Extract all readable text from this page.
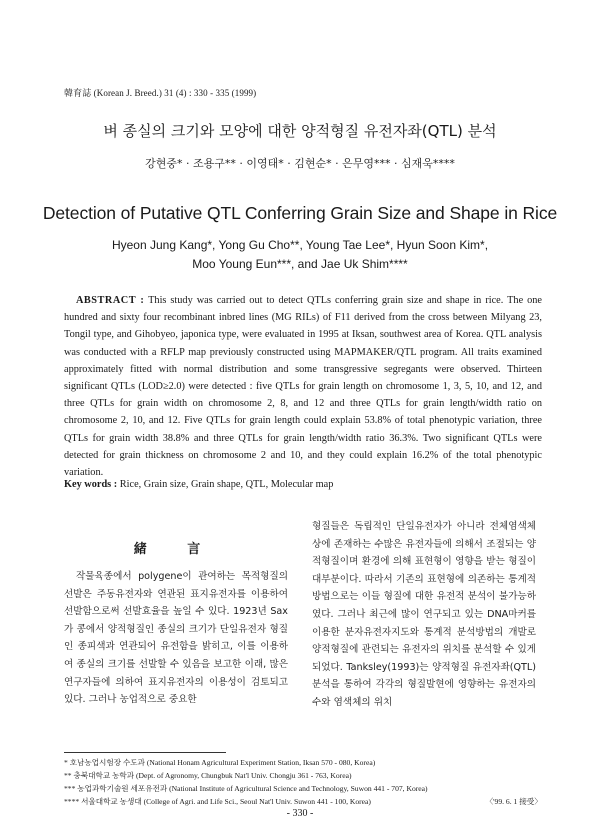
韓育誌 (Korean J. Breed.) 31 (4) : 330 - 335 (1999)
벼 종실의 크기와 모양에 대한 양적형질 유전자좌(QTL) 분석
강현중* · 조용구** · 이영태* · 김현순* · 은무영*** · 심재욱****
Detection of Putative QTL Conferring Grain Size and Shape in Rice
Hyeon Jung Kang*, Yong Gu Cho**, Young Tae Lee*, Hyun Soon Kim*,
Moo Young Eun***, and Jae Uk Shim****
ABSTRACT : This study was carried out to detect QTLs conferring grain size and shape in rice. The one hundred and sixty four recombinant inbred lines (MG RILs) of F11 derived from the cross between Milyang 23, Tongil type, and Gihobyeo, japonica type, were evaluated in 1995 at Iksan, southwest area of Korea. QTL analysis was conducted with a RFLP map previously constructed using MAPMAKER/QTL program. All traits examined approximately fitted with normal distribution and some transgressive segregants were observed. Thirteen significant QTLs (LOD≥2.0) were detected : five QTLs for grain length on chromosome 1, 3, 5, 10, and 12, and three QTLs for grain width on chromosome 2, 8, and 12 and three QTLs for grain length/width ratio on chromosome 2, 10, and 12. Five QTLs for grain length could explain 53.8% of total phenotypic variation, three QTLs for grain width 38.8% and three QTLs for grain length/width ratio 36.3%. Two significant QTLs were detected for grain thickness on chromosome 2 and 10, and they could explain 16.2% of the total phenotypic variation.
Key words : Rice, Grain size, Grain shape, QTL, Molecular map
緒 言
작물육종에서 polygene이 관여하는 목적형질의 선발은 주동유전자와 연관된 표지유전자를 이용하여 선발함으로써 선발효율을 높일 수 있다. 1923년 Sax가 콩에서 양적형질인 종실의 크기가 단일유전자 형질인 종피색과 연관되어 유전함을 밝히고, 이를 이용하여 종실의 크기를 선발할 수 있음을 보고한 이래, 많은 연구자들에 의하여 표지유전자의 이용성이 검토되고 있다. 그러나 농업적으로 중요한
형질들은 독립적인 단일유전자가 아니라 전체염색체 상에 존재하는 수많은 유전자들에 의해서 조절되는 양적형질이며 환경에 의해 표현형이 영향을 받는 형질이 대부분이다. 따라서 기존의 표현형에 의존하는 통계적 방법으로는 이들 형질에 대한 유전적 분석이 불가능하였다. 그러나 최근에 많이 연구되고 있는 DNA마커를 이용한 분자유전자지도와 통계적 분석방법의 개발로 양적형질에 관련되는 유전자의 위치를 분석할 수 있게 되었다. Tanksley(1993)는 양적형질 유전자좌(QTL) 분석을 통하여 각각의 형질발현에 영향하는 유전자의 수와 염색체의 위치
* 호남농업시험장 수도과 (National Honam Agricultural Experiment Station, Iksan 570 - 080, Korea)
** 충북대학교 농학과 (Dept. of Agronomy, Chungbuk Nat'l Univ. Chongju 361 - 763, Korea)
*** 농업과학기술원 세포유전과 (National Institute of Agricultural Science and Technology, Suwon 441 - 707, Korea)
**** 서울대학교 농생대 (College of Agri. and Life Sci., Seoul Nat'l Univ. Suwon 441 - 100, Korea)	〈'99. 6. 1 接受〉
- 330 -
